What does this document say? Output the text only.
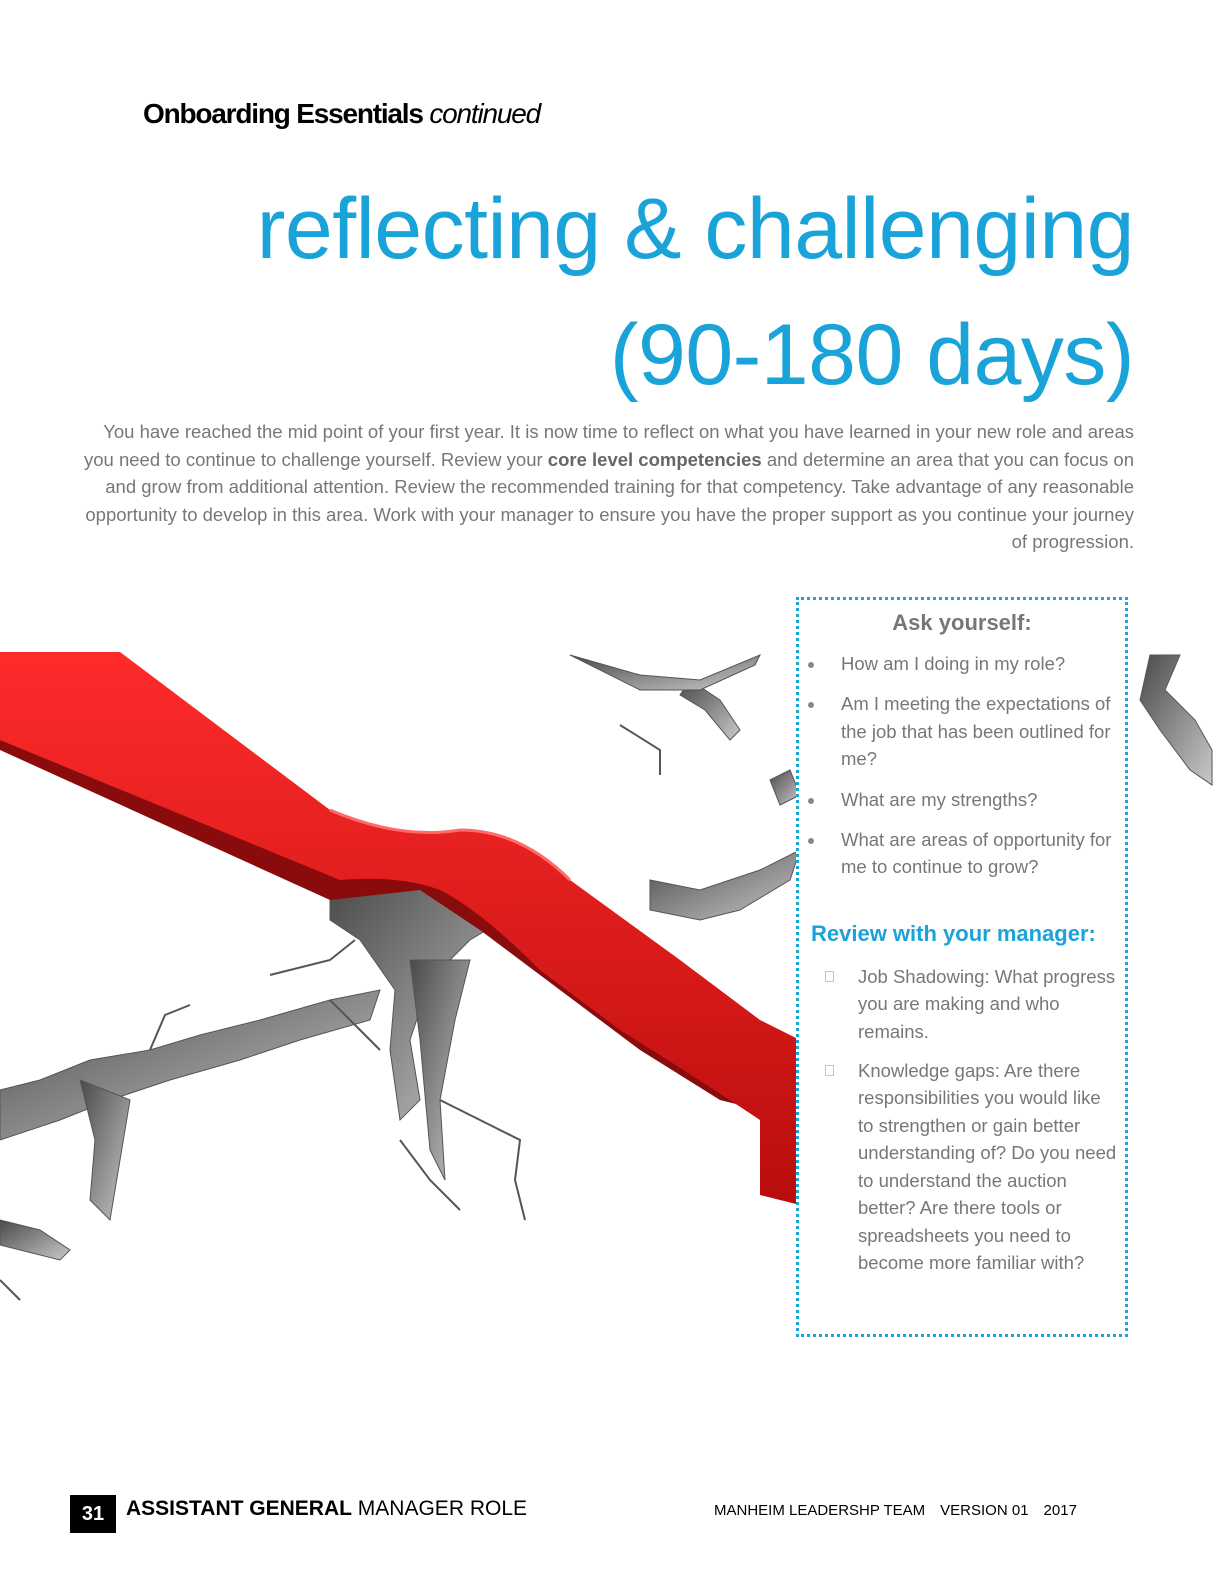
Onboarding Essentials continued
reflecting & challenging
(90-180 days)

You have reached the mid point of your first year. It is now time to reflect on what you have learned in your new role and areas you need to continue to challenge yourself. Review your core level competencies and determine an area that you can focus on and grow from additional attention. Review the recommended training for that competency. Take advantage of any reasonable opportunity to develop in this area. Work with your manager to ensure you have the proper support as you continue your journey of progression.

Ask yourself:
How am I doing in my role?
Am I meeting the expectations of the job that has been outlined for me?
What are my strengths?
What are areas of opportunity for me to continue to grow?
Review with your manager:
Job Shadowing: What progress you are making and who remains.
Knowledge gaps: Are there responsibilities you would like to strengthen or gain better understanding of? Do you need to understand the auction better? Are there tools or spreadsheets you need to become more familiar with?
31	ASSISTANT GENERAL MANAGER ROLE	MANHEIM LEADERSHP TEAM VERSION 01 2017
